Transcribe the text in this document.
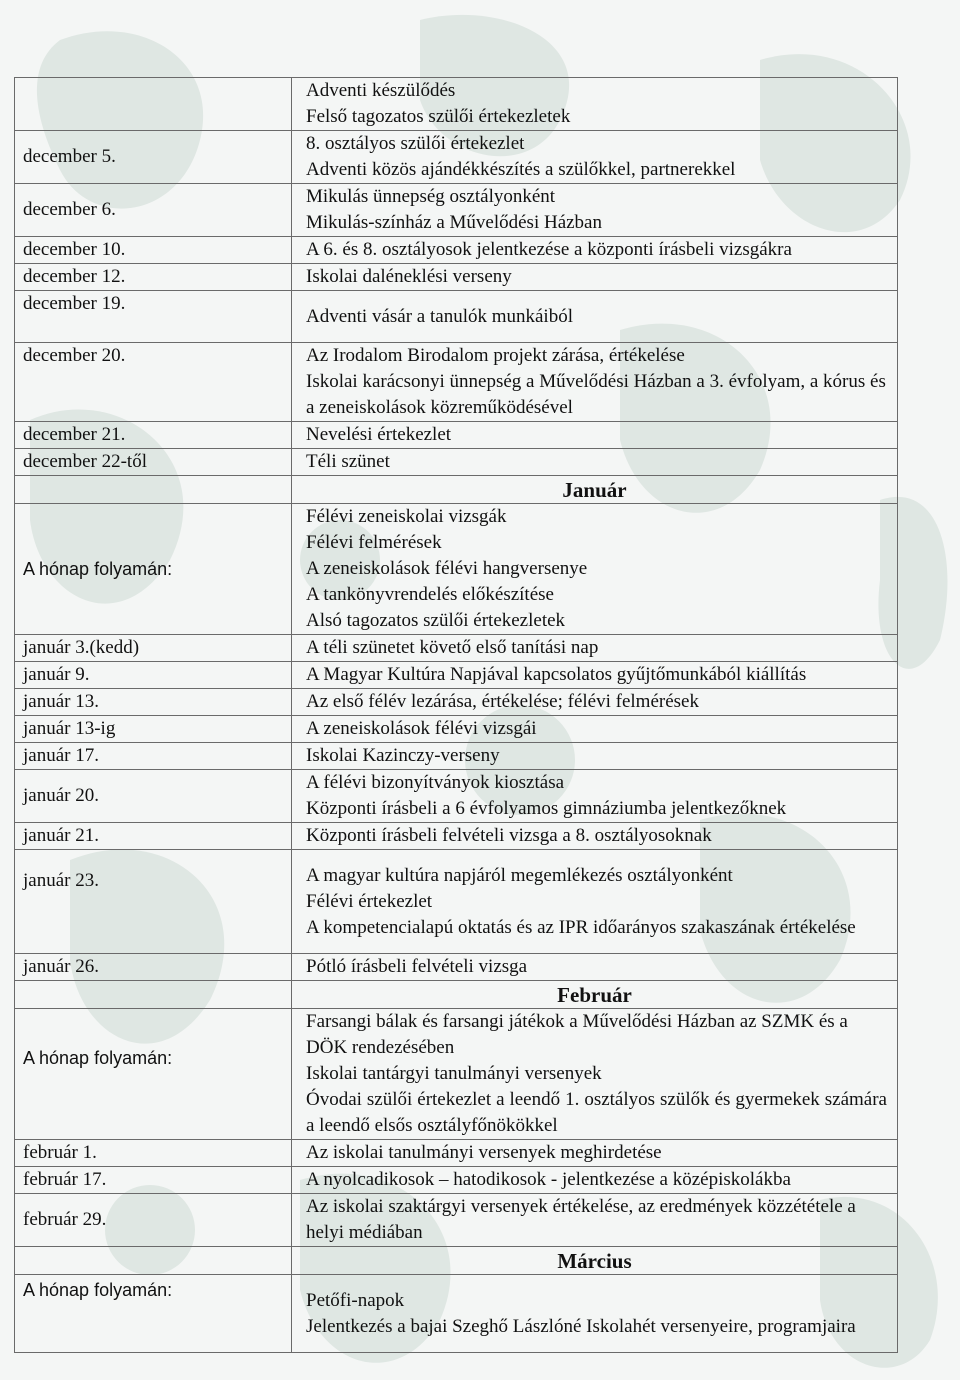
	Adventi készülődés
Felső tagozatos szülői értekezletek

december 5.	8. osztályos szülői értekezlet
Adventi közös ajándékkészítés a szülőkkel, partnerekkel

december 6.	Mikulás ünnepség osztályonként
Mikulás-színház a Művelődési Házban

december 10.	A 6. és 8. osztályosok jelentkezése a központi írásbeli vizsgákra

december 12.	Iskolai daléneklési verseny

december 19.	Adventi vásár a tanulók munkáiból

december 20.	Az Irodalom Birodalom projekt zárása, értékelése
Iskolai karácsonyi ünnepség a Művelődési Házban a 3. évfolyam, a kórus és a zeneiskolások közreműködésével

december 21.	Nevelési értekezlet

december 22-től	Téli szünet

	Január
A hónap folyamán:	Félévi zeneiskolai vizsgák
Félévi felmérések
A zeneiskolások félévi hangversenye
A tankönyvrendelés előkészítése
Alsó tagozatos szülői értekezletek

január 3.(kedd)	A téli szünetet követő első tanítási nap

január 9.	A Magyar Kultúra Napjával kapcsolatos gyűjtőmunkából kiállítás

január 13.	Az első félév lezárása, értékelése; félévi felmérések

január 13-ig	A zeneiskolások félévi vizsgái

január 17.	Iskolai Kazinczy-verseny

január 20.	A félévi bizonyítványok kiosztása
Központi írásbeli a 6 évfolyamos gimnáziumba jelentkezőknek

január 21.	Központi írásbeli felvételi vizsga a 8. osztályosoknak

január 23.	A magyar kultúra napjáról megemlékezés osztályonként
Félévi értekezlet
A kompetencialapú oktatás és az IPR időarányos szakaszának értékelése

január 26.	Pótló írásbeli felvételi vizsga

	Február
A hónap folyamán:	Farsangi bálak és farsangi játékok a Művelődési Házban az SZMK és a DÖK rendezésében
Iskolai tantárgyi tanulmányi versenyek
Óvodai szülői értekezlet a leendő 1. osztályos szülők és gyermekek számára a leendő elsős osztályfőnökökkel

február 1.	Az iskolai tanulmányi versenyek meghirdetése

február 17.	A nyolcadikosok – hatodikosok - jelentkezése a középiskolákba

február 29.	Az iskolai szaktárgyi versenyek értékelése, az eredmények közzététele a helyi médiában

	Március
A hónap folyamán:	Petőfi-napok
Jelentkezés a bajai Szeghő Lászlóné Iskolahét versenyeire, programjaira
